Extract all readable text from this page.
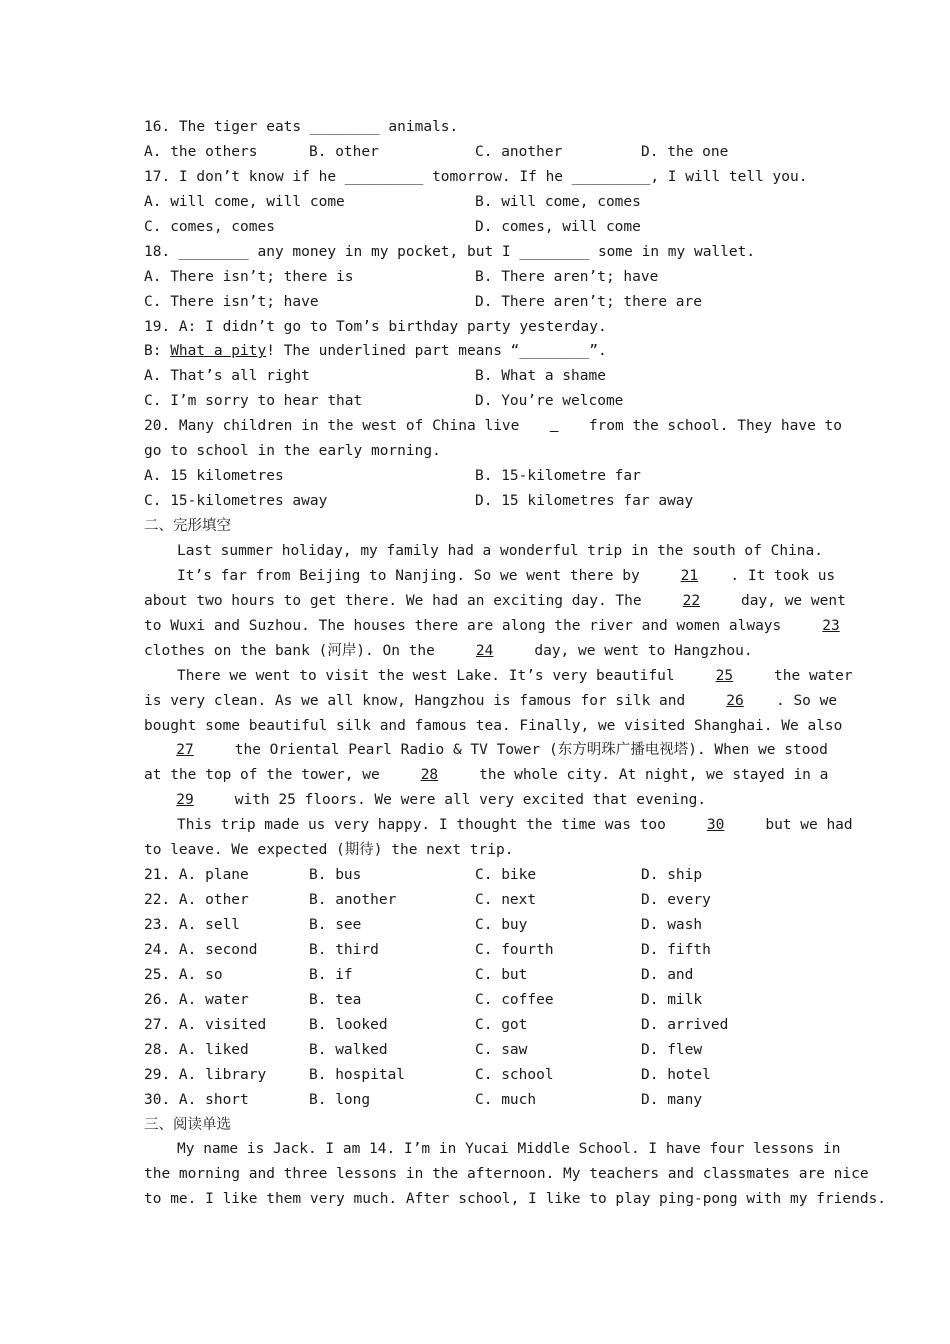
16. The tiger eats ________ animals.
A. the others	B. other	C. another	D. the one
17. I don’t know if he _________ tomorrow. If he _________, I will tell you.
A. will come, will come	B. will come, comes
C. comes, comes	D. comes, will come
18. ________ any money in my pocket, but I ________ some in my wallet.
A. There isn’t; there is	B. There aren’t; have
C. There isn’t; have	D. There aren’t; there are
19. A: I didn’t go to Tom’s birthday party yesterday.
B: What a pity! The underlined part means “________”.
A. That’s all right	B. What a shame
C. I’m sorry to hear that	D. You’re welcome
20. Many children in the west of China live	from the school. They have to
go to school in the early morning.
A. 15 kilometres	B. 15-kilometre far
C. 15-kilometres away	D. 15 kilometres far away
二、完形填空
Last summer holiday, my family had a wonderful trip in the south of China.
It’s far from Beijing to Nanjing. So we went there by 21 . It took us
about two hours to get there. We had an exciting day. The 22 day, we went
to Wuxi and Suzhou. The houses there are along the river and women always 23
clothes on the bank (河岸). On the 24 day, we went to Hangzhou.
There we went to visit the west Lake. It’s very beautiful 25 the water
is very clean. As we all know, Hangzhou is famous for silk and 26 . So we
bought some beautiful silk and famous tea. Finally, we visited Shanghai. We also
27 the Oriental Pearl Radio & TV Tower (东方明珠广播电视塔). When we stood
at the top of the tower, we 28 the whole city. At night, we stayed in a
29 with 25 floors. We were all very excited that evening.
This trip made us very happy. I thought the time was too 30 but we had
to leave. We expected (期待) the next trip.
21. A. plane	B. bus	C. bike	D. ship
22. A. other	B. another	C. next	D. every
23. A. sell	B. see	C. buy	D. wash
24. A. second	B. third	C. fourth	D. fifth
25. A. so	B. if	C. but	D. and
26. A. water	B. tea	C. coffee	D. milk
27. A. visited	B. looked	C. got	D. arrived
28. A. liked	B. walked	C. saw	D. flew
29. A. library	B. hospital	C. school	D. hotel
30. A. short	B. long	C. much	D. many
三、阅读单选
My name is Jack. I am 14. I’m in Yucai Middle School. I have four lessons in
the morning and three lessons in the afternoon. My teachers and classmates are nice
to me. I like them very much. After school, I like to play ping-pong with my friends.
